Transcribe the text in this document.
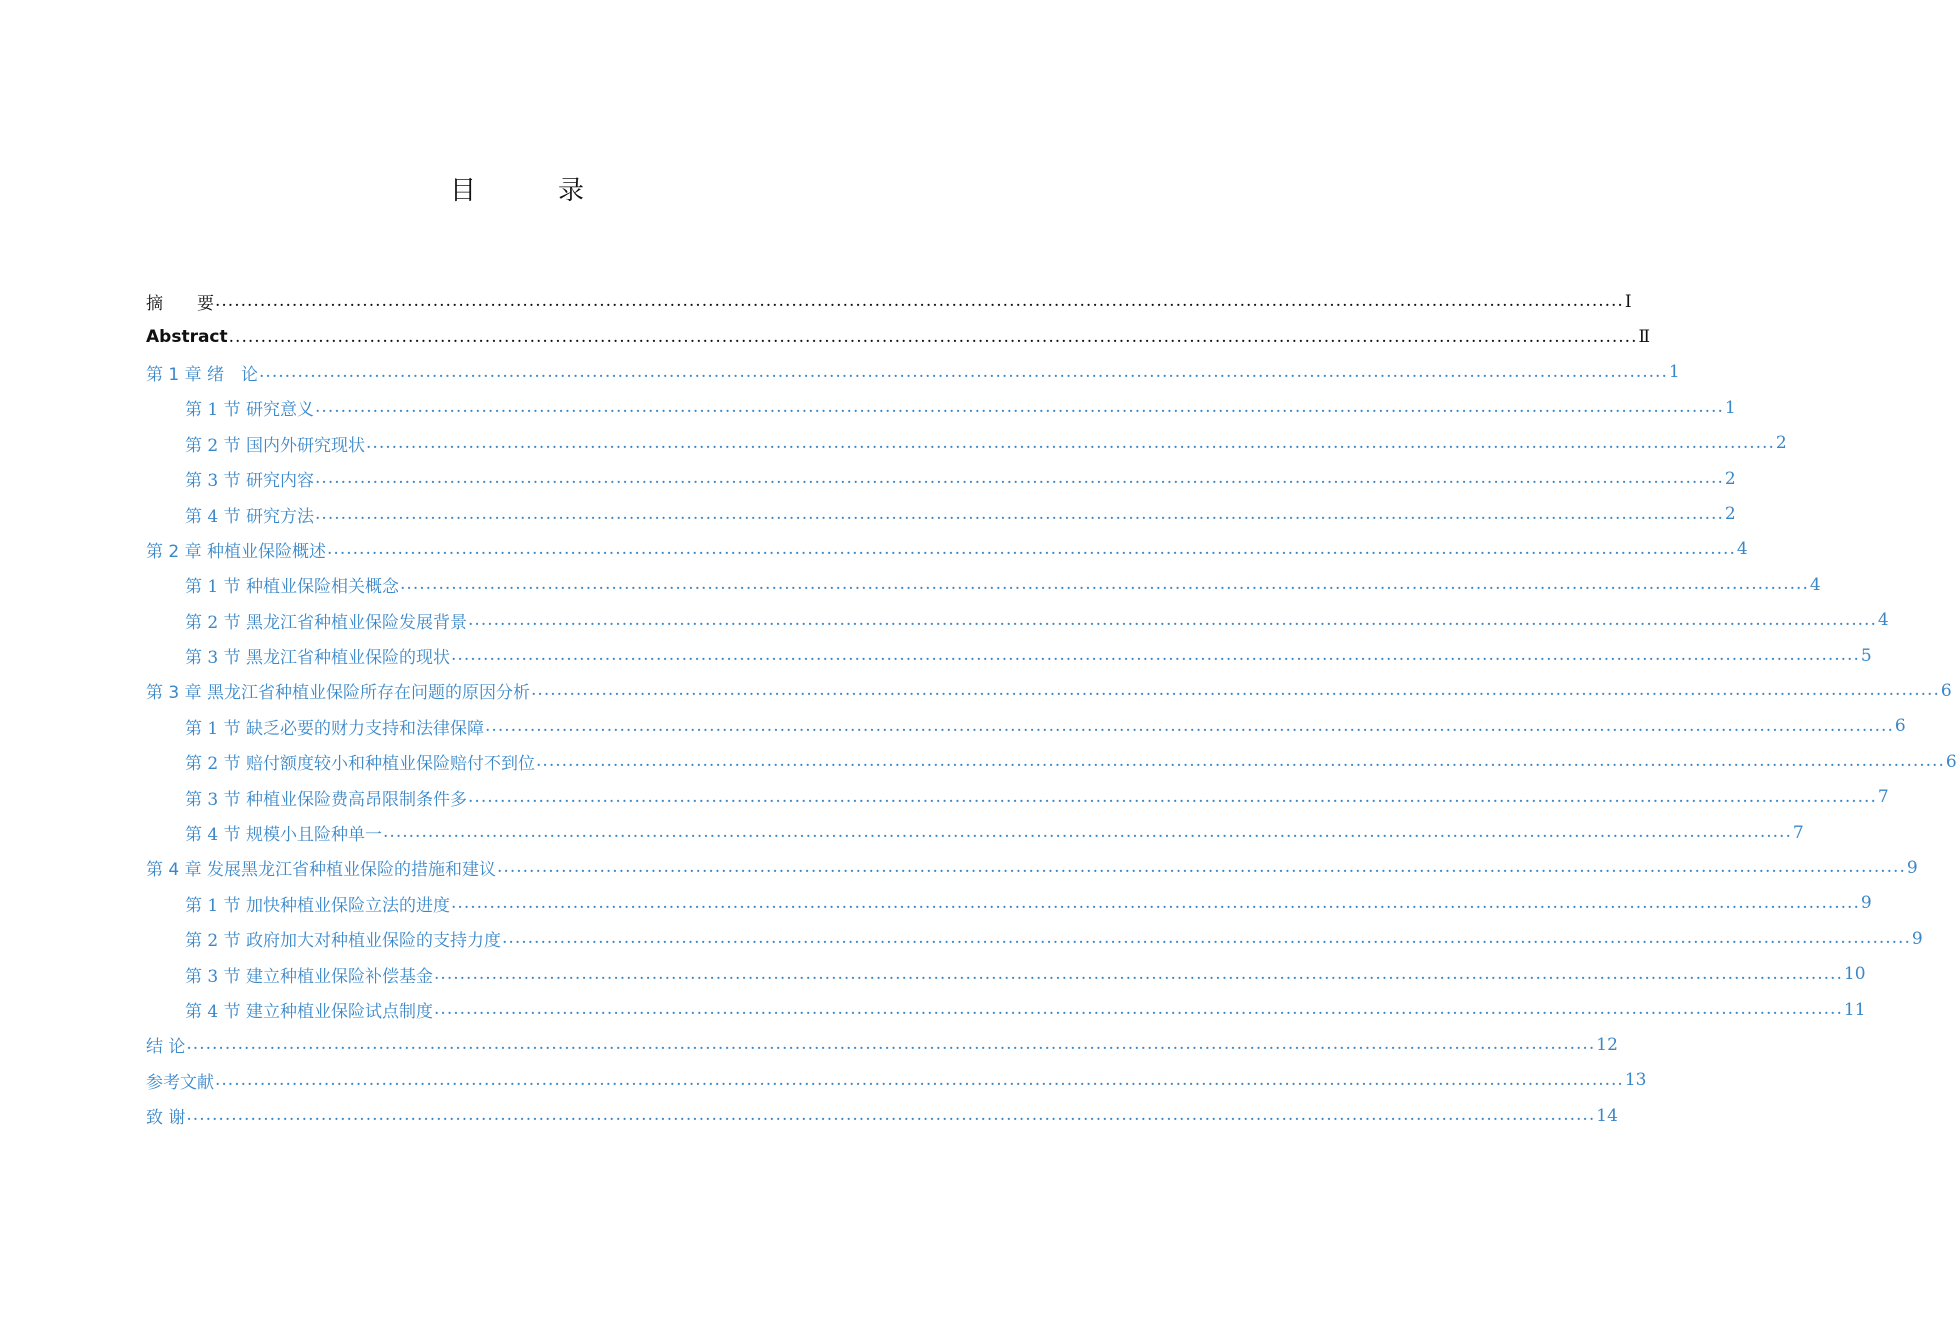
目　录
摘　　要 ............................................................................................................................................................................................................................ I
Abstract ............................................................................................................................................................................................................................ Ⅱ
第 1 章 绪　论 ............................................................................................................................................................................................................................ 1
第 1 节 研究意义 ............................................................................................................................................................................................................................ 1
第 2 节 国内外研究现状 ............................................................................................................................................................................................................................ 2
第 3 节 研究内容 ............................................................................................................................................................................................................................ 2
第 4 节 研究方法 ............................................................................................................................................................................................................................ 2
第 2 章 种植业保险概述 ............................................................................................................................................................................................................................ 4
第 1 节 种植业保险相关概念 ............................................................................................................................................................................................................................ 4
第 2 节 黑龙江省种植业保险发展背景 ............................................................................................................................................................................................................................ 4
第 3 节 黑龙江省种植业保险的现状 ............................................................................................................................................................................................................................ 5
第 3 章 黑龙江省种植业保险所存在问题的原因分析 ............................................................................................................................................................................................................................ 6
第 1 节 缺乏必要的财力支持和法律保障 ............................................................................................................................................................................................................................ 6
第 2 节 赔付额度较小和种植业保险赔付不到位 ............................................................................................................................................................................................................................ 6
第 3 节 种植业保险费高昂限制条件多 ............................................................................................................................................................................................................................ 7
第 4 节 规模小且险种单一 ............................................................................................................................................................................................................................ 7
第 4 章 发展黑龙江省种植业保险的措施和建议 ............................................................................................................................................................................................................................ 9
第 1 节 加快种植业保险立法的进度 ............................................................................................................................................................................................................................ 9
第 2 节 政府加大对种植业保险的支持力度 ............................................................................................................................................................................................................................ 9
第 3 节 建立种植业保险补偿基金 ............................................................................................................................................................................................................................ 10
第 4 节 建立种植业保险试点制度 ............................................................................................................................................................................................................................ 11
结 论 ............................................................................................................................................................................................................................ 12
参考文献 ............................................................................................................................................................................................................................ 13
致 谢 ............................................................................................................................................................................................................................ 14
